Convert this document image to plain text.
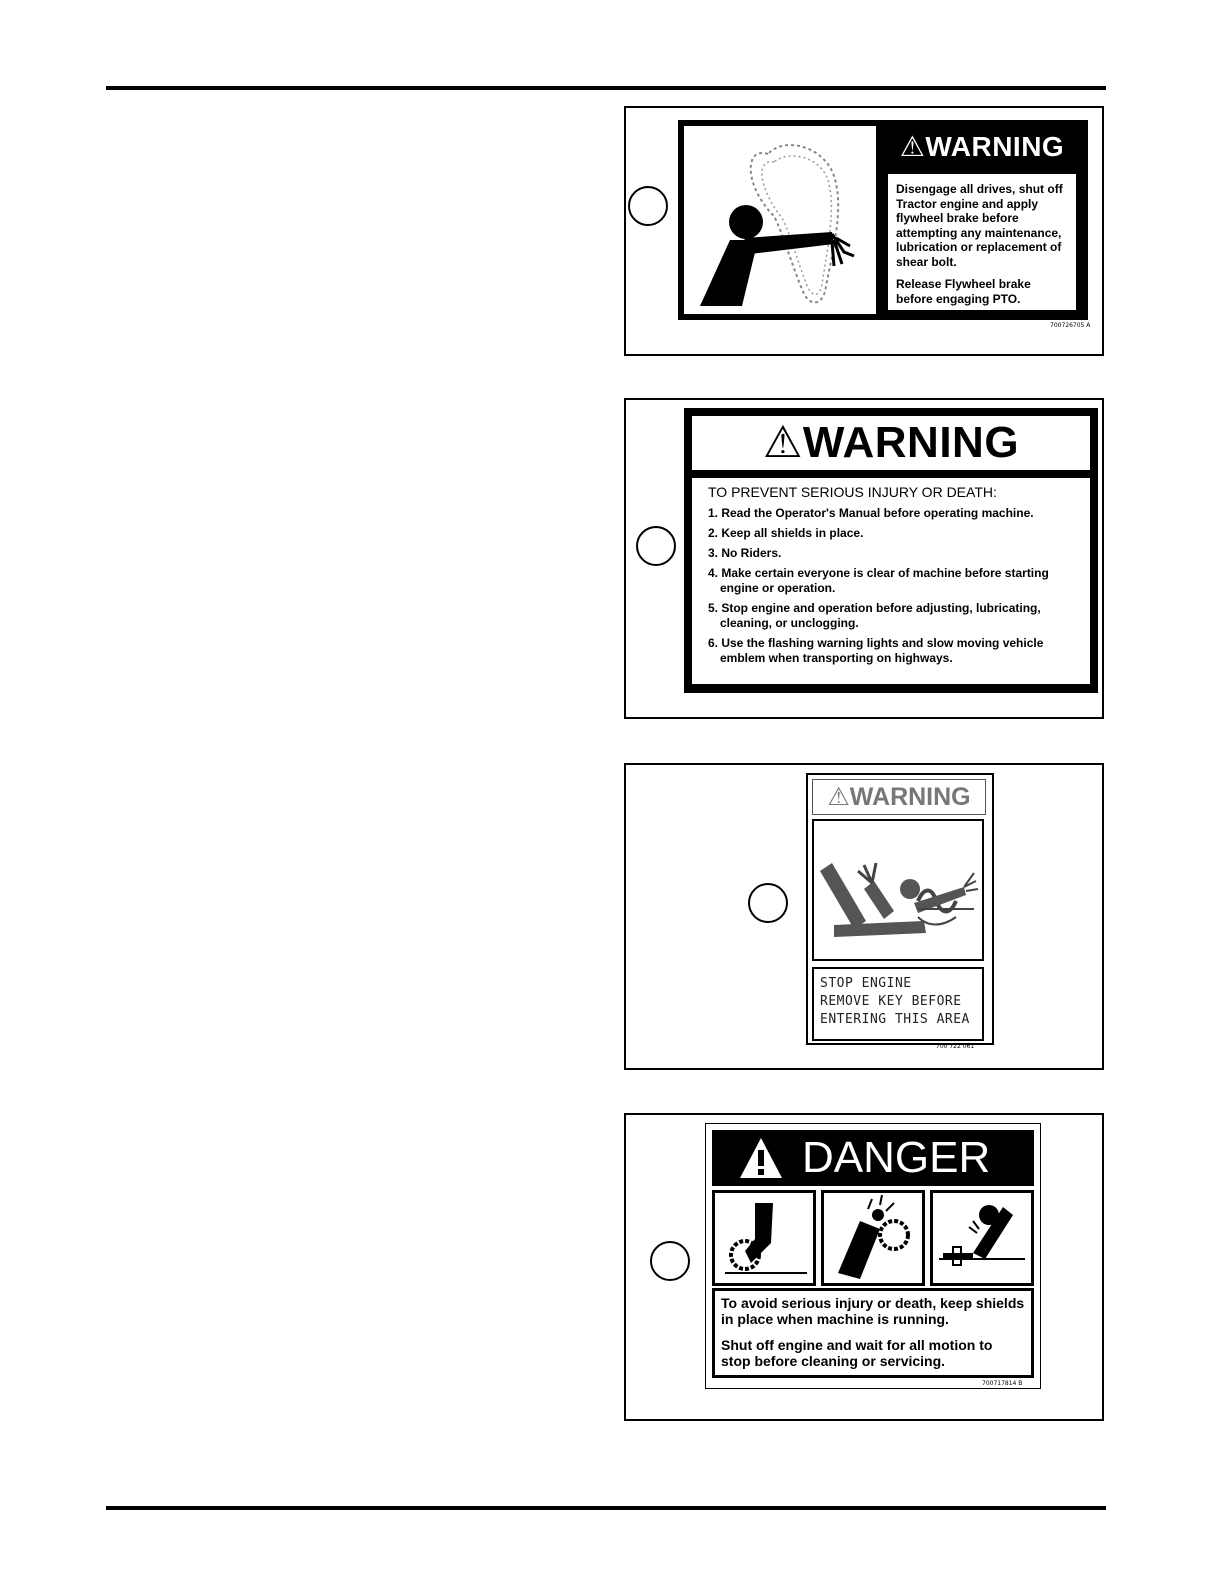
⚠WARNING

Disengage all drives, shut off Tractor engine and apply flywheel brake before attempting any maintenance, lubrication or replacement of shear bolt.

Release Flywheel brake before engaging PTO.

700726705 A
⚠WARNING

TO PREVENT SERIOUS INJURY OR DEATH:

1. Read the Operator's Manual before operating machine.
2. Keep all shields in place.
3. No Riders.
4. Make certain everyone is clear of machine before starting engine or operation.
5. Stop engine and operation before adjusting, lubricating, cleaning, or unclogging.
6. Use the flashing warning lights and slow moving vehicle emblem when transporting on highways.
⚠WARNING
STOP ENGINE
REMOVE KEY BEFORE
ENTERING THIS AREA
700 722 061
DANGER

To avoid serious injury or death, keep shields in place when machine is running.

Shut off engine and wait for all motion to stop before cleaning or servicing.

700717814 B
